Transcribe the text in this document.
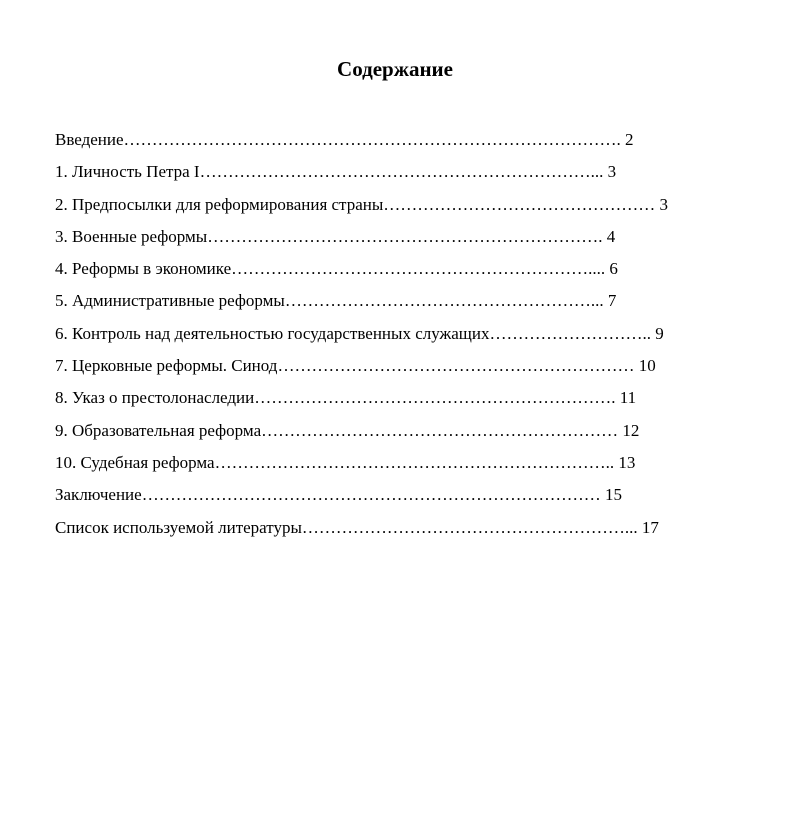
Содержание
Введение……………………………………………………………………………. 2
1. Личность Петра I……………………………………………………………... 3
2. Предпосылки для реформирования страны………………………………………… 3
3. Военные реформы……………………………………………………………. 4
4. Реформы в экономике……………………………………………………….... 6
5. Административные реформы………………………………………………... 7
6. Контроль над деятельностью государственных служащих……………………….. 9
7. Церковные реформы. Синод……………………………………………………… 10
8. Указ о престолонаследии………………………………………………………. 11
9. Образовательная реформа……………………………………………………… 12
10. Судебная реформа…………………………………………………………….. 13
Заключение……………………………………………………………………… 15
Список используемой литературы…………………………………………………... 17
